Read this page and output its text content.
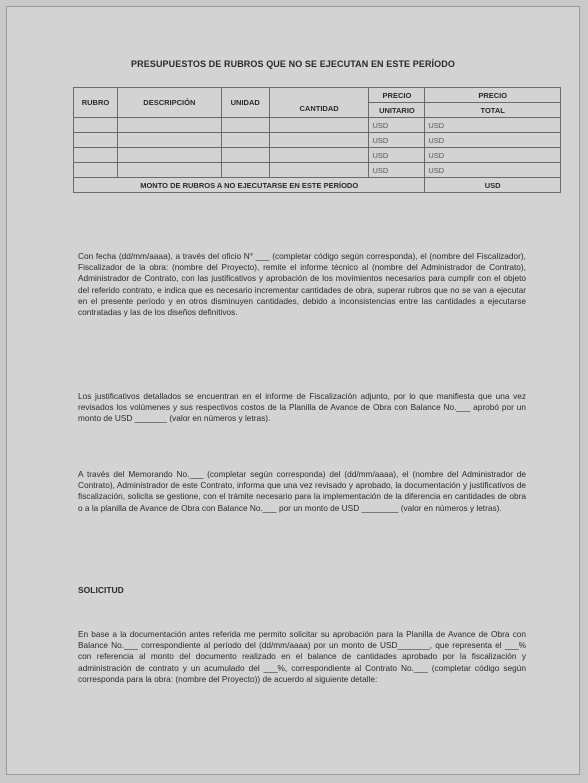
PRESUPUESTOS DE RUBROS QUE NO SE EJECUTAN EN ESTE PERÍODO
RUBRO	DESCRIPCIÓN	UNIDAD	CANTIDAD	PRECIO	PRECIO
				UNITARIO	TOTAL
				USD	USD
				USD	USD
				USD	USD
				USD	USD
MONTO DE RUBROS A NO EJECUTARSE EN ESTE PERÍODO					USD
Con fecha (dd/mm/aaaa), a través del oficio N° ___ (completar código según corresponda), el (nombre del Fiscalizador), Fiscalizador de la obra: (nombre del Proyecto), remite el informe técnico al (nombre del Administrador de Contrato), Administrador de Contrato, con las justificativos y aprobación de los movimientos necesarios para cumplir con el objeto del referido contrato, e indica que es necesario incrementar cantidades de obra, superar rubros que no se van a ejecutar en el presente período y en otros disminuyen cantidades, debido a inconsistencias entre las cantidades a ejecutarse contratadas y las de los diseños definitivos.
Los justificativos detallados se encuentran en el informe de Fiscalización adjunto, por lo que manifiesta que una vez revisados los volúmenes y sus respectivos costos de la Planilla de Avance de Obra con Balance No.___ aprobó por un monto de USD _______ (valor en números y letras).
A través del Memorando No.___ (completar según corresponda) del (dd/mm/aaaa), el (nombre del Administrador de Contrato), Administrador de este Contrato, informa que una vez revisado y aprobado, la documentación y justificativos de fiscalización, solicita se gestione, con el trámite necesario para la implementación de la diferencia en cantidades de obra o a la planilla de Avance de Obra con Balance No.___ por un monto de USD ________ (valor en números y letras).
SOLICITUD
En base a la documentación antes referida me permito solicitar su aprobación para la Planilla de Avance de Obra con Balance No.___ correspondiente al período del (dd/mm/aaaa) por un monto de USD_______, que representa el ___% con referencia al monto del documento realizado en el balance de cantidades aprobado por la fiscalización y administración de contrato y un acumulado del ___%, correspondiente al Contrato No.___ (completar código según corresponda para la obra: (nombre del Proyecto)) de acuerdo al siguiente detalle:
